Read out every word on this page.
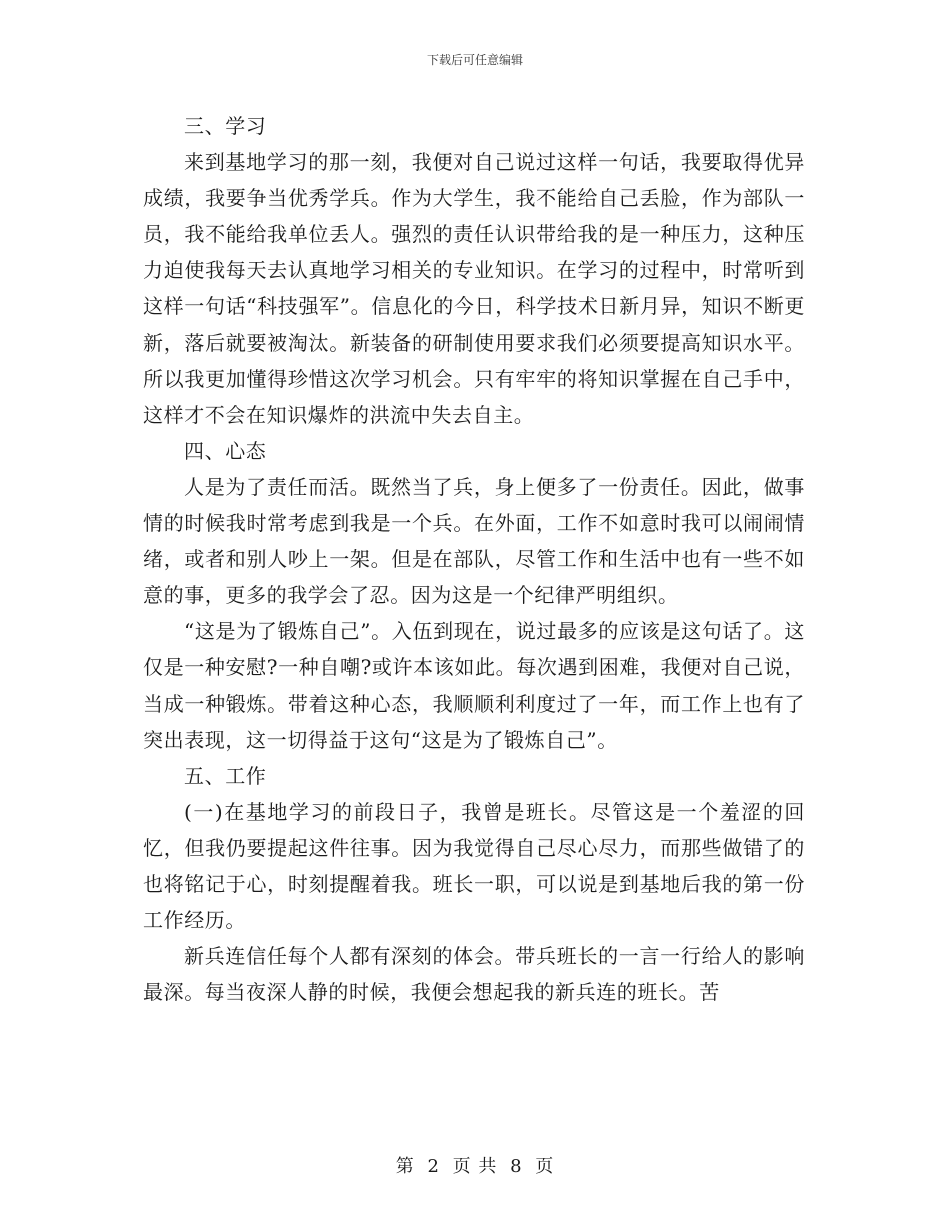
下载后可任意编辑

三、学习

来到基地学习的那一刻，我便对自己说过这样一句话，我要取得优异成绩，我要争当优秀学兵。作为大学生，我不能给自己丢脸，作为部队一员，我不能给我单位丢人。强烈的责任认识带给我的是一种压力，这种压力迫使我每天去认真地学习相关的专业知识。在学习的过程中，时常听到这样一句话“科技强军”。信息化的今日，科学技术日新月异，知识不断更新，落后就要被淘汰。新装备的研制使用要求我们必须要提高知识水平。所以我更加懂得珍惜这次学习机会。只有牢牢的将知识掌握在自己手中，这样才不会在知识爆炸的洪流中失去自主。

四、心态

人是为了责任而活。既然当了兵，身上便多了一份责任。因此，做事情的时候我时常考虑到我是一个兵。在外面，工作不如意时我可以闹闹情绪，或者和别人吵上一架。但是在部队，尽管工作和生活中也有一些不如意的事，更多的我学会了忍。因为这是一个纪律严明组织。

“这是为了锻炼自己”。入伍到现在，说过最多的应该是这句话了。这仅是一种安慰?一种自嘲?或许本该如此。每次遇到困难，我便对自己说，当成一种锻炼。带着这种心态，我顺顺利利度过了一年，而工作上也有了突出表现，这一切得益于这句“这是为了锻炼自己”。

五、工作

(一)在基地学习的前段日子，我曾是班长。尽管这是一个羞涩的回忆，但我仍要提起这件往事。因为我觉得自己尽心尽力，而那些做错了的也将铭记于心，时刻提醒着我。班长一职，可以说是到基地后我的第一份工作经历。

新兵连信任每个人都有深刻的体会。带兵班长的一言一行给人的影响最深。每当夜深人静的时候，我便会想起我的新兵连的班长。苦

第 2 页 共 8 页
